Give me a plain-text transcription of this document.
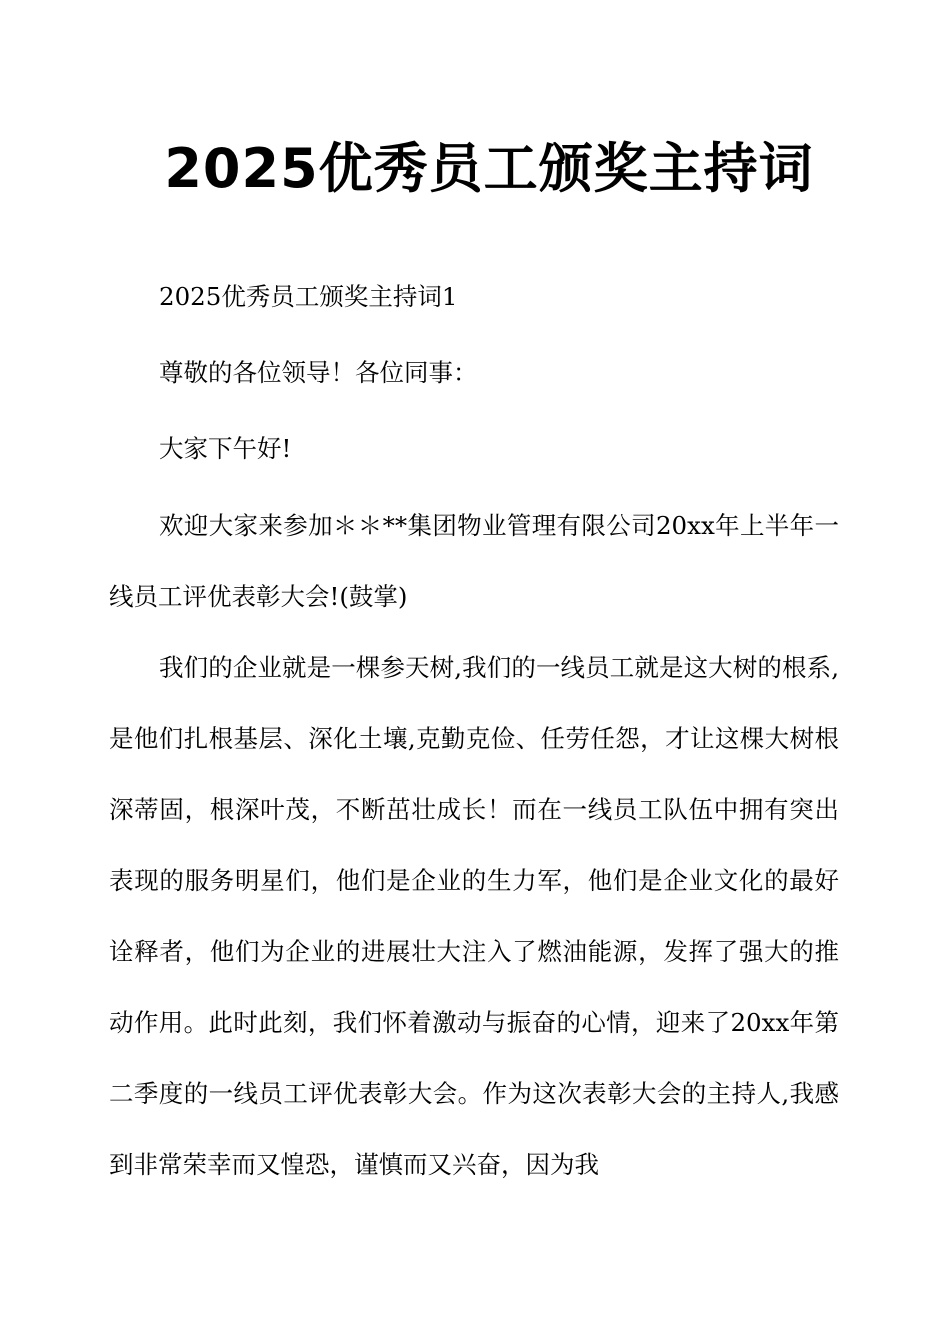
2025优秀员工颁奖主持词

2025优秀员工颁奖主持词1

尊敬的各位领导！各位同事：

大家下午好!

欢迎大家来参加＊＊**集团物业管理有限公司20xx年上半年一线员工评优表彰大会!(鼓掌)

我们的企业就是一棵参天树,我们的一线员工就是这大树的根系,是他们扎根基层、深化土壤,克勤克俭、任劳任怨，才让这棵大树根深蒂固，根深叶茂，不断茁壮成长！而在一线员工队伍中拥有突出表现的服务明星们，他们是企业的生力军，他们是企业文化的最好诠释者，他们为企业的进展壮大注入了燃油能源，发挥了强大的推动作用。此时此刻，我们怀着激动与振奋的心情，迎来了20xx年第二季度的一线员工评优表彰大会。作为这次表彰大会的主持人,我感到非常荣幸而又惶恐，谨慎而又兴奋，因为我
